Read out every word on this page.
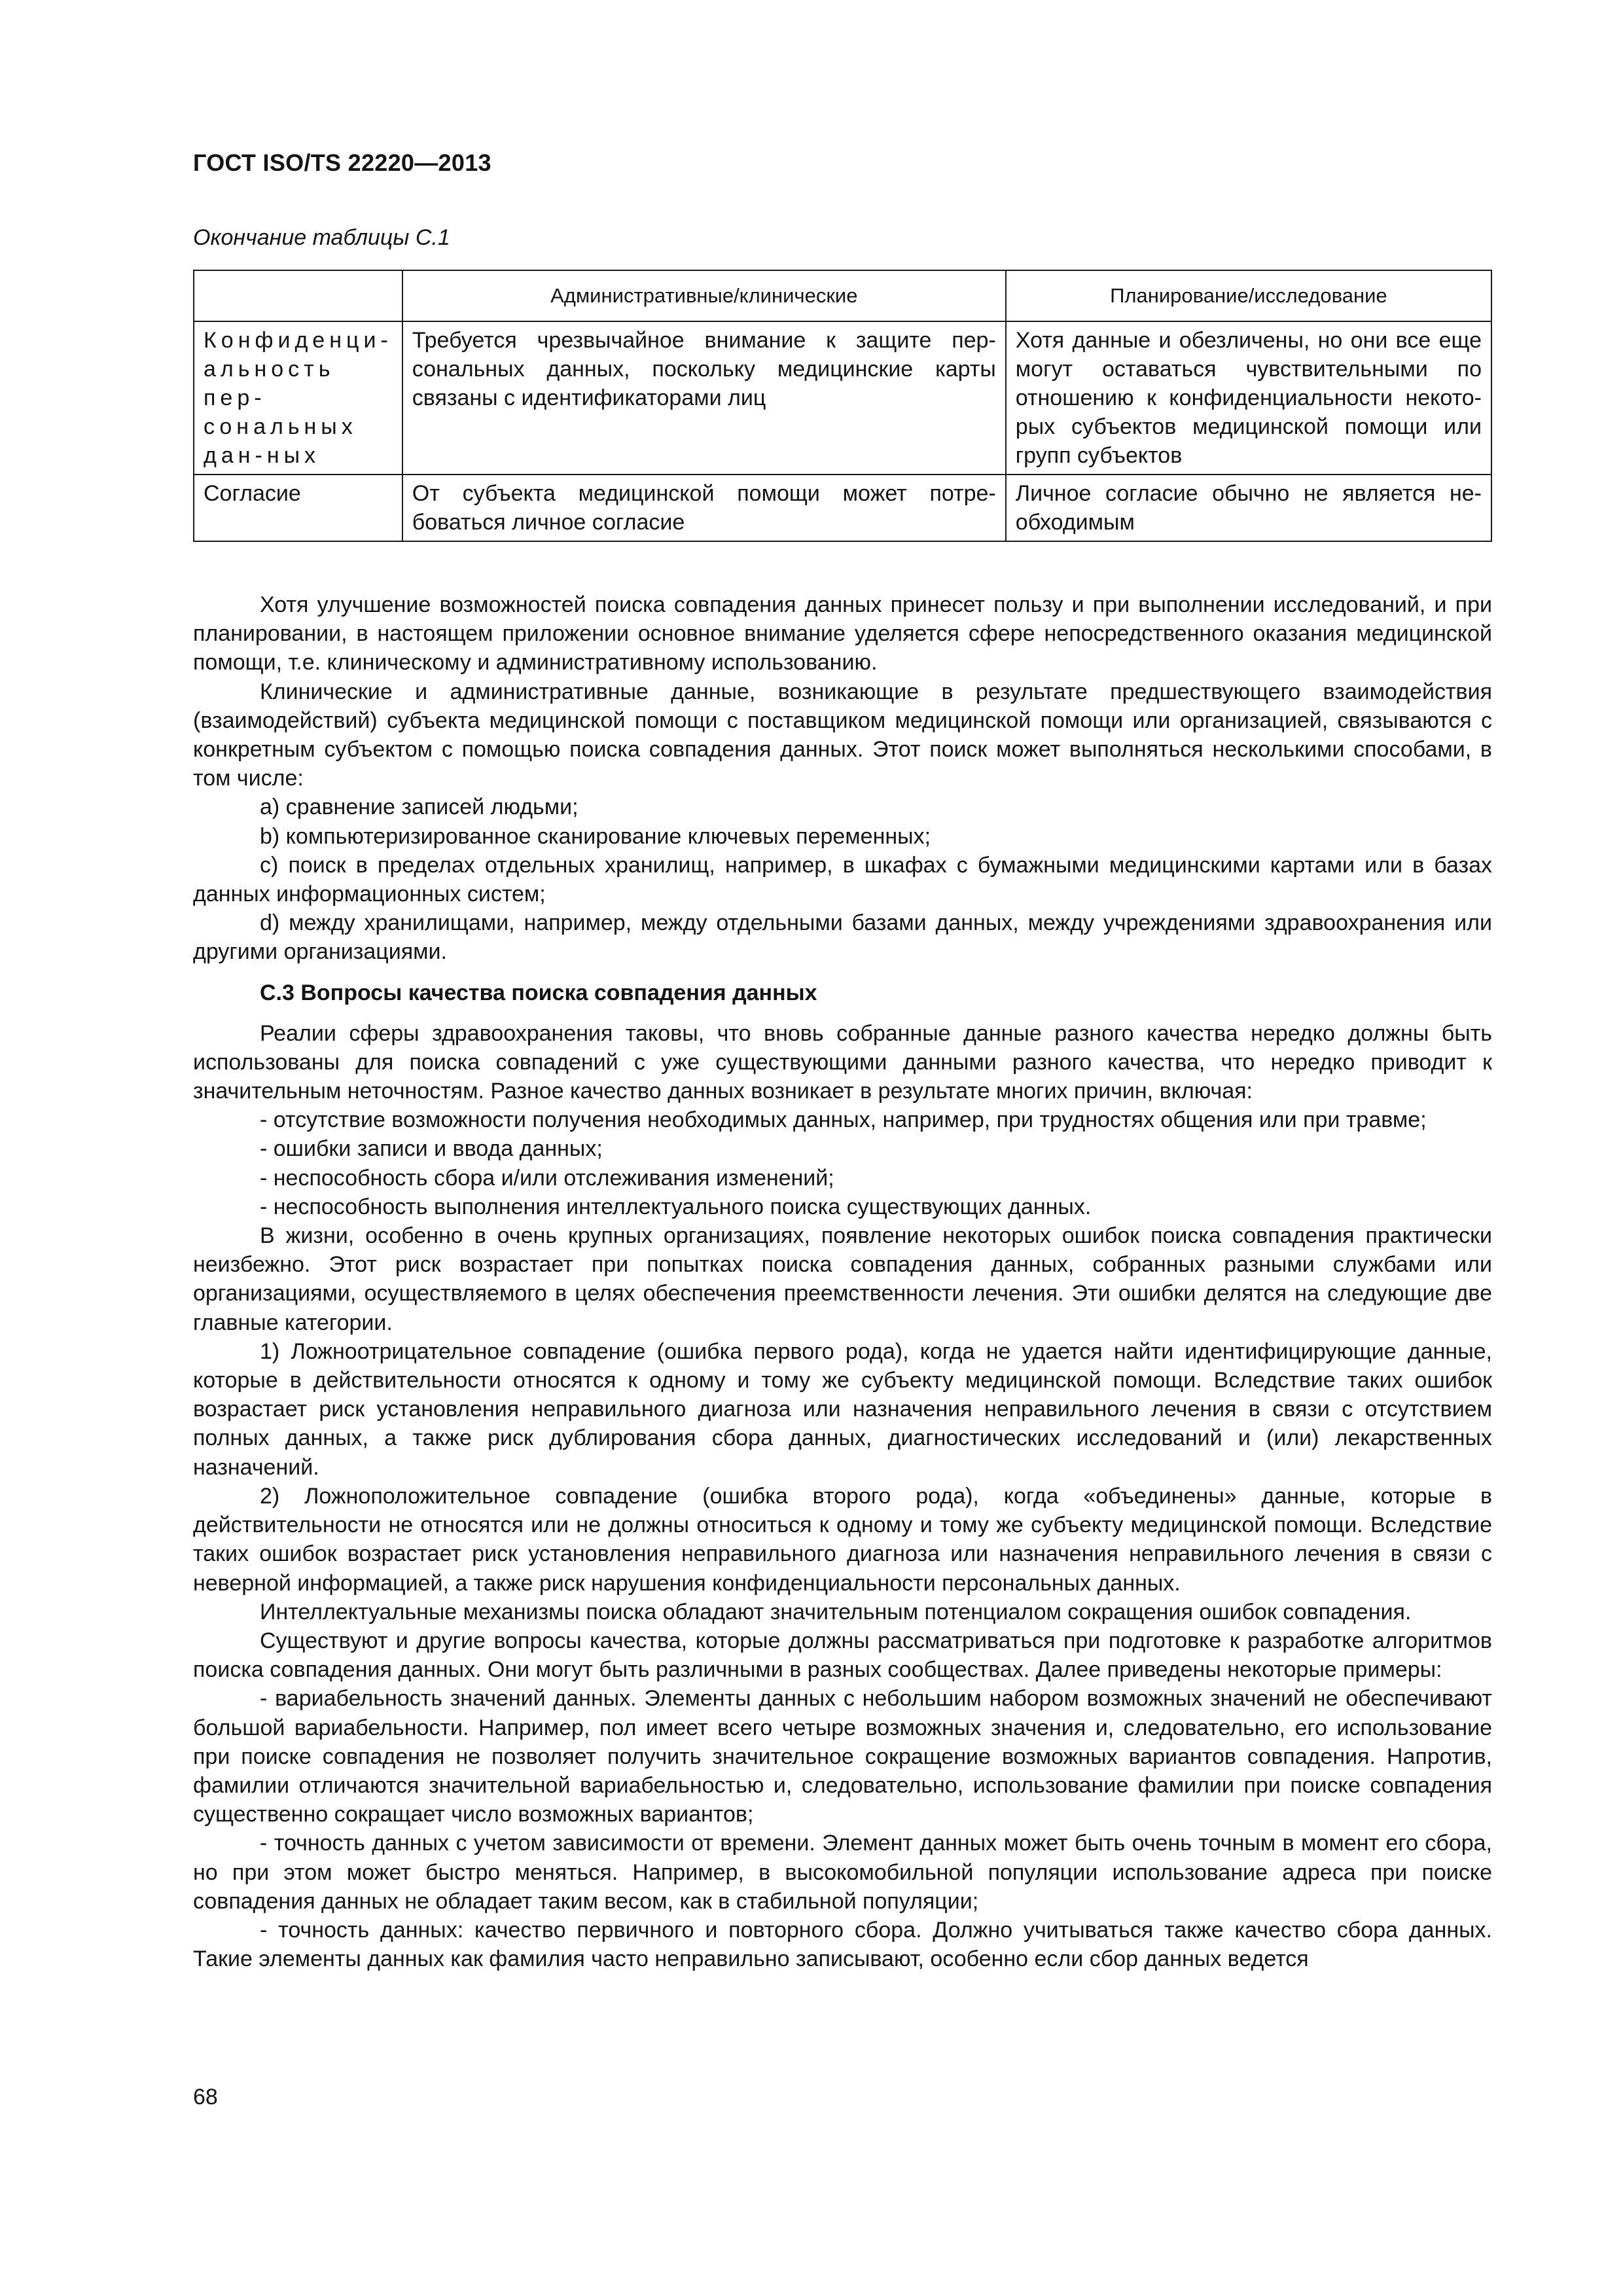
ГОСТ ISO/TS 22220—2013
Окончание таблицы С.1
	Административные/клинические	Планирование/исследование
Конфиденци-альность пер-сональных дан-ных	Требуется чрезвычайное внимание к защите пер-сональных данных, поскольку медицинские карты связаны с идентификаторами лиц	Хотя данные и обезличены, но они все еще могут оставаться чувствительными по отношению к конфиденциальности некото-рых субъектов медицинской помощи или групп субъектов
Согласие	От субъекта медицинской помощи может потре-боваться личное согласие	Личное согласие обычно не является не-обходимым

Хотя улучшение возможностей поиска совпадения данных принесет пользу и при выполнении исследований, и при планировании, в настоящем приложении основное внимание уделяется сфере непосредственного оказания медицинской помощи, т.е. клиническому и административному использованию.

Клинические и административные данные, возникающие в результате предшествующего взаимодействия (взаимодействий) субъекта медицинской помощи с поставщиком медицинской помощи или организацией, связываются с конкретным субъектом с помощью поиска совпадения данных. Этот поиск может выполняться несколькими способами, в том числе:

a) сравнение записей людьми;

b) компьютеризированное сканирование ключевых переменных;

c) поиск в пределах отдельных хранилищ, например, в шкафах с бумажными медицинскими картами или в базах данных информационных систем;

d) между хранилищами, например, между отдельными базами данных, между учреждениями здравоохранения или другими организациями.

С.3 Вопросы качества поиска совпадения данных

Реалии сферы здравоохранения таковы, что вновь собранные данные разного качества нередко должны быть использованы для поиска совпадений с уже существующими данными разного качества, что нередко приводит к значительным неточностям. Разное качество данных возникает в результате многих причин, включая:

- отсутствие возможности получения необходимых данных, например, при трудностях общения или при травме;

- ошибки записи и ввода данных;

- неспособность сбора и/или отслеживания изменений;

- неспособность выполнения интеллектуального поиска существующих данных.

В жизни, особенно в очень крупных организациях, появление некоторых ошибок поиска совпадения практически неизбежно. Этот риск возрастает при попытках поиска совпадения данных, собранных разными службами или организациями, осуществляемого в целях обеспечения преемственности лечения. Эти ошибки делятся на следующие две главные категории.

1) Ложноотрицательное совпадение (ошибка первого рода), когда не удается найти идентифицирующие данные, которые в действительности относятся к одному и тому же субъекту медицинской помощи. Вследствие таких ошибок возрастает риск установления неправильного диагноза или назначения неправильного лечения в связи с отсутствием полных данных, а также риск дублирования сбора данных, диагностических исследований и (или) лекарственных назначений.

2) Ложноположительное совпадение (ошибка второго рода), когда «объединены» данные, которые в действительности не относятся или не должны относиться к одному и тому же субъекту медицинской помощи. Вследствие таких ошибок возрастает риск установления неправильного диагноза или назначения неправильного лечения в связи с неверной информацией, а также риск нарушения конфиденциальности персональных данных.

Интеллектуальные механизмы поиска обладают значительным потенциалом сокращения ошибок совпадения.

Существуют и другие вопросы качества, которые должны рассматриваться при подготовке к разработке алгоритмов поиска совпадения данных. Они могут быть различными в разных сообществах. Далее приведены некоторые примеры:

- вариабельность значений данных. Элементы данных с небольшим набором возможных значений не обеспечивают большой вариабельности. Например, пол имеет всего четыре возможных значения и, следовательно, его использование при поиске совпадения не позволяет получить значительное сокращение возможных вариантов совпадения. Напротив, фамилии отличаются значительной вариабельностью и, следовательно, использование фамилии при поиске совпадения существенно сокращает число возможных вариантов;

- точность данных с учетом зависимости от времени. Элемент данных может быть очень точным в момент его сбора, но при этом может быстро меняться. Например, в высокомобильной популяции использование адреса при поиске совпадения данных не обладает таким весом, как в стабильной популяции;

- точность данных: качество первичного и повторного сбора. Должно учитываться также качество сбора данных. Такие элементы данных как фамилия часто неправильно записывают, особенно если сбор данных ведется

68
